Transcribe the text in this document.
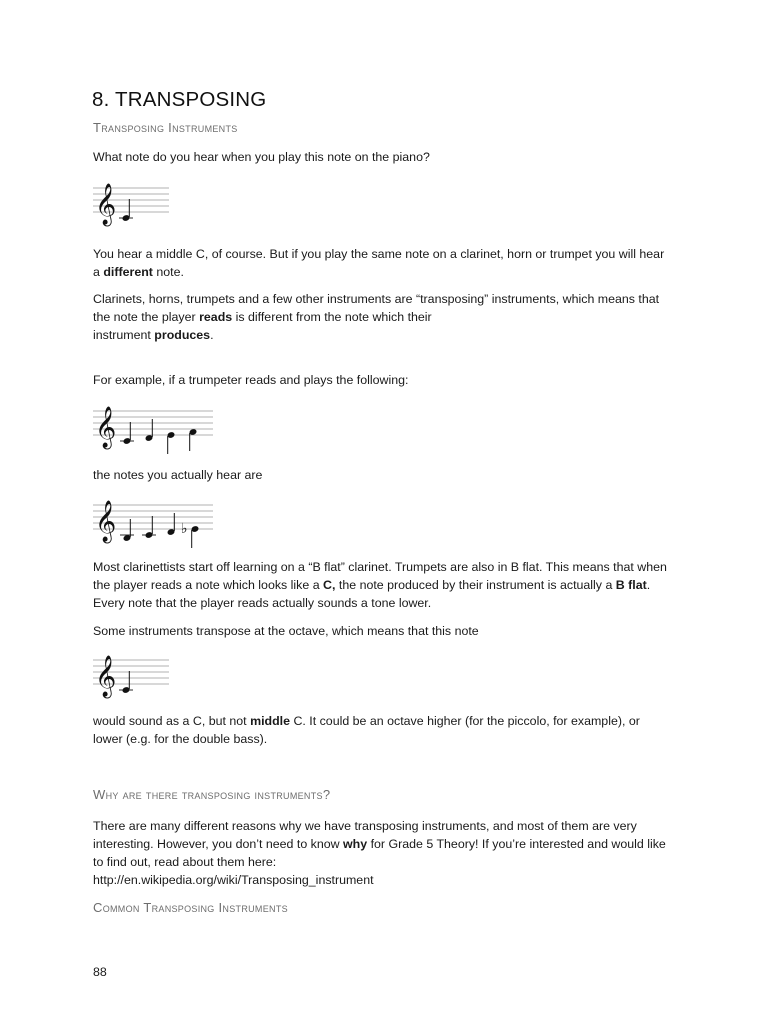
8. TRANSPOSING
Transposing Instruments

What note do you hear when you play this note on the piano?

𝄞

You hear a middle C, of course. But if you play the same note on a clarinet, horn or trumpet you will hear a different note.

Clarinets, horns, trumpets and a few other instruments are “transposing” instruments, which means that the note the player reads is different from the note which their
instrument produces.

For example, if a trumpeter reads and plays the following:

𝄞

the notes you actually hear are

𝄞	♭

Most clarinettists start off learning on a “B flat” clarinet. Trumpets are also in B flat. This means that when the player reads a note which looks like a C, the note produced by their instrument is actually a B flat. Every note that the player reads actually sounds a tone lower.

Some instruments transpose at the octave, which means that this note

𝄞

would sound as a C, but not middle C. It could be an octave higher (for the piccolo, for example), or lower (e.g. for the double bass).

Why are there transposing instruments?

There are many different reasons why we have transposing instruments, and most of them are very interesting. However, you don’t need to know why for Grade 5 Theory! If you’re interested and would like to find out, read about them here:
http://en.wikipedia.org/wiki/Transposing_instrument

Common Transposing Instruments

88
